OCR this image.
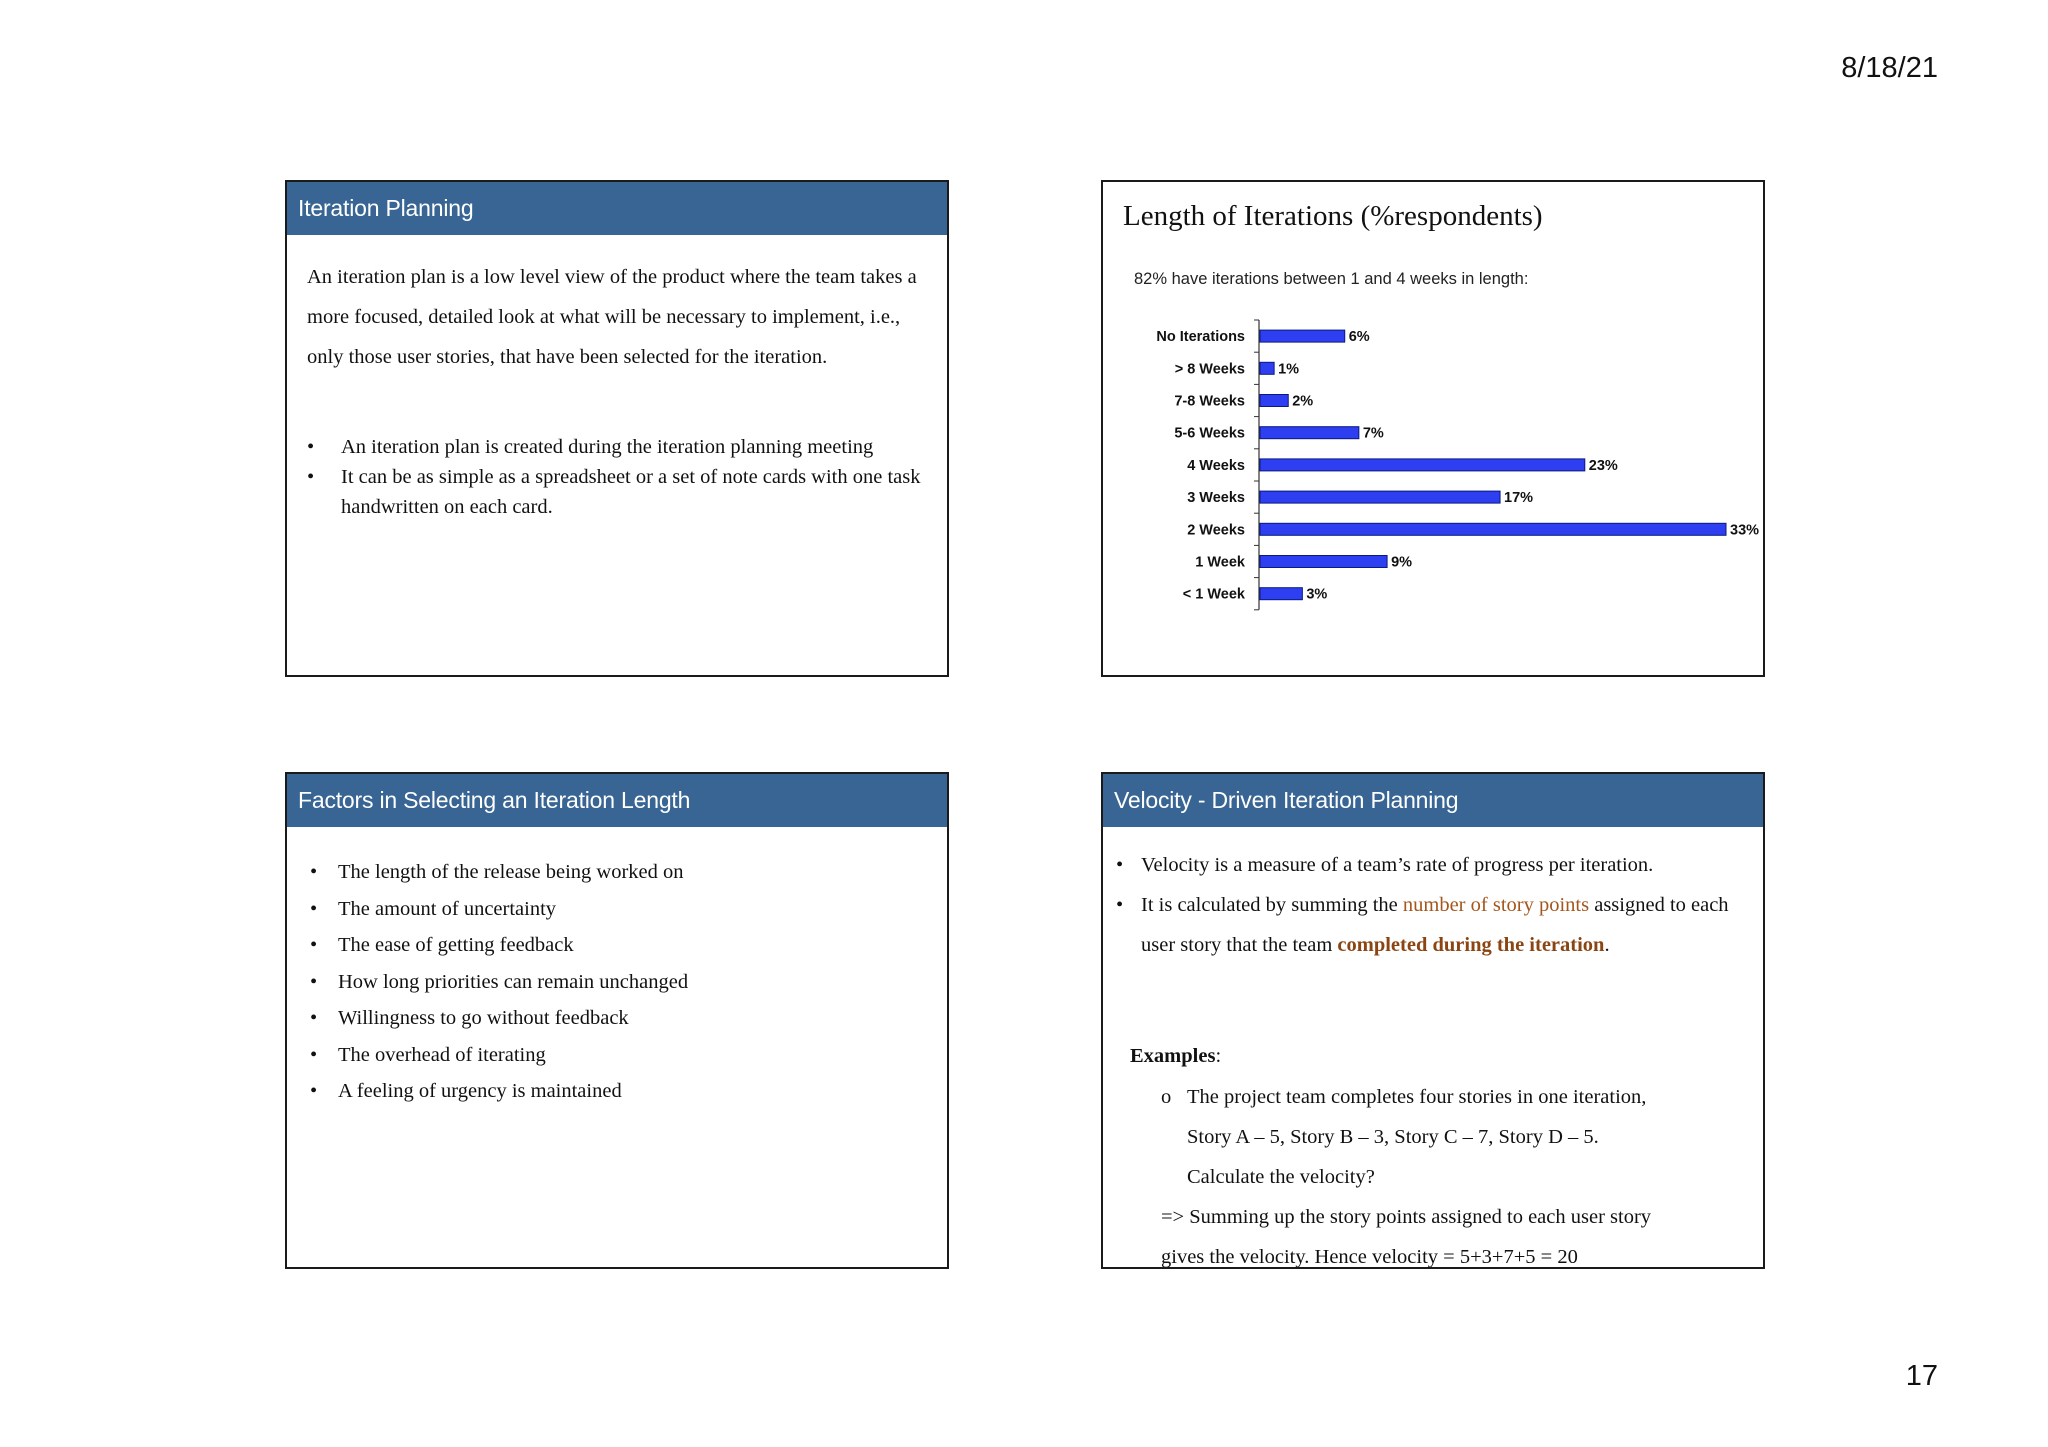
8/18/21
Iteration Planning
An iteration plan is a low level view of the product where the team takes a more focused, detailed look at what will be necessary to implement, i.e., only those user stories, that have been selected for the iteration.
• An iteration plan is created during the iteration planning meeting
• It can be as simple as a spreadsheet or a set of note cards with one task handwritten on each card.
Length of Iterations (%respondents)
82% have iterations between 1 and 4 weeks in length:
No Iterations	6%
> 8 Weeks 1%
7-8 Weeks	2%
5-6 Weeks	7%
4 Weeks	23%
3 Weeks	17%
2 Weeks	33%
1 Week	9%
< 1 Week	3%
Factors in Selecting an Iteration Length
• The length of the release being worked on
• The amount of uncertainty
• The ease of getting feedback
• How long priorities can remain unchanged
• Willingness to go without feedback
• The overhead of iterating
• A feeling of urgency is maintained
Velocity - Driven Iteration Planning
• Velocity is a measure of a team’s rate of progress per iteration.
• It is calculated by summing the number of story points assigned to each user story that the team completed during the iteration.
Examples:
o The project team completes four stories in one iteration,
Story A – 5, Story B – 3, Story C – 7, Story D – 5.
Calculate the velocity?
=> Summing up the story points assigned to each user story
gives the velocity. Hence velocity = 5+3+7+5 = 20
17
